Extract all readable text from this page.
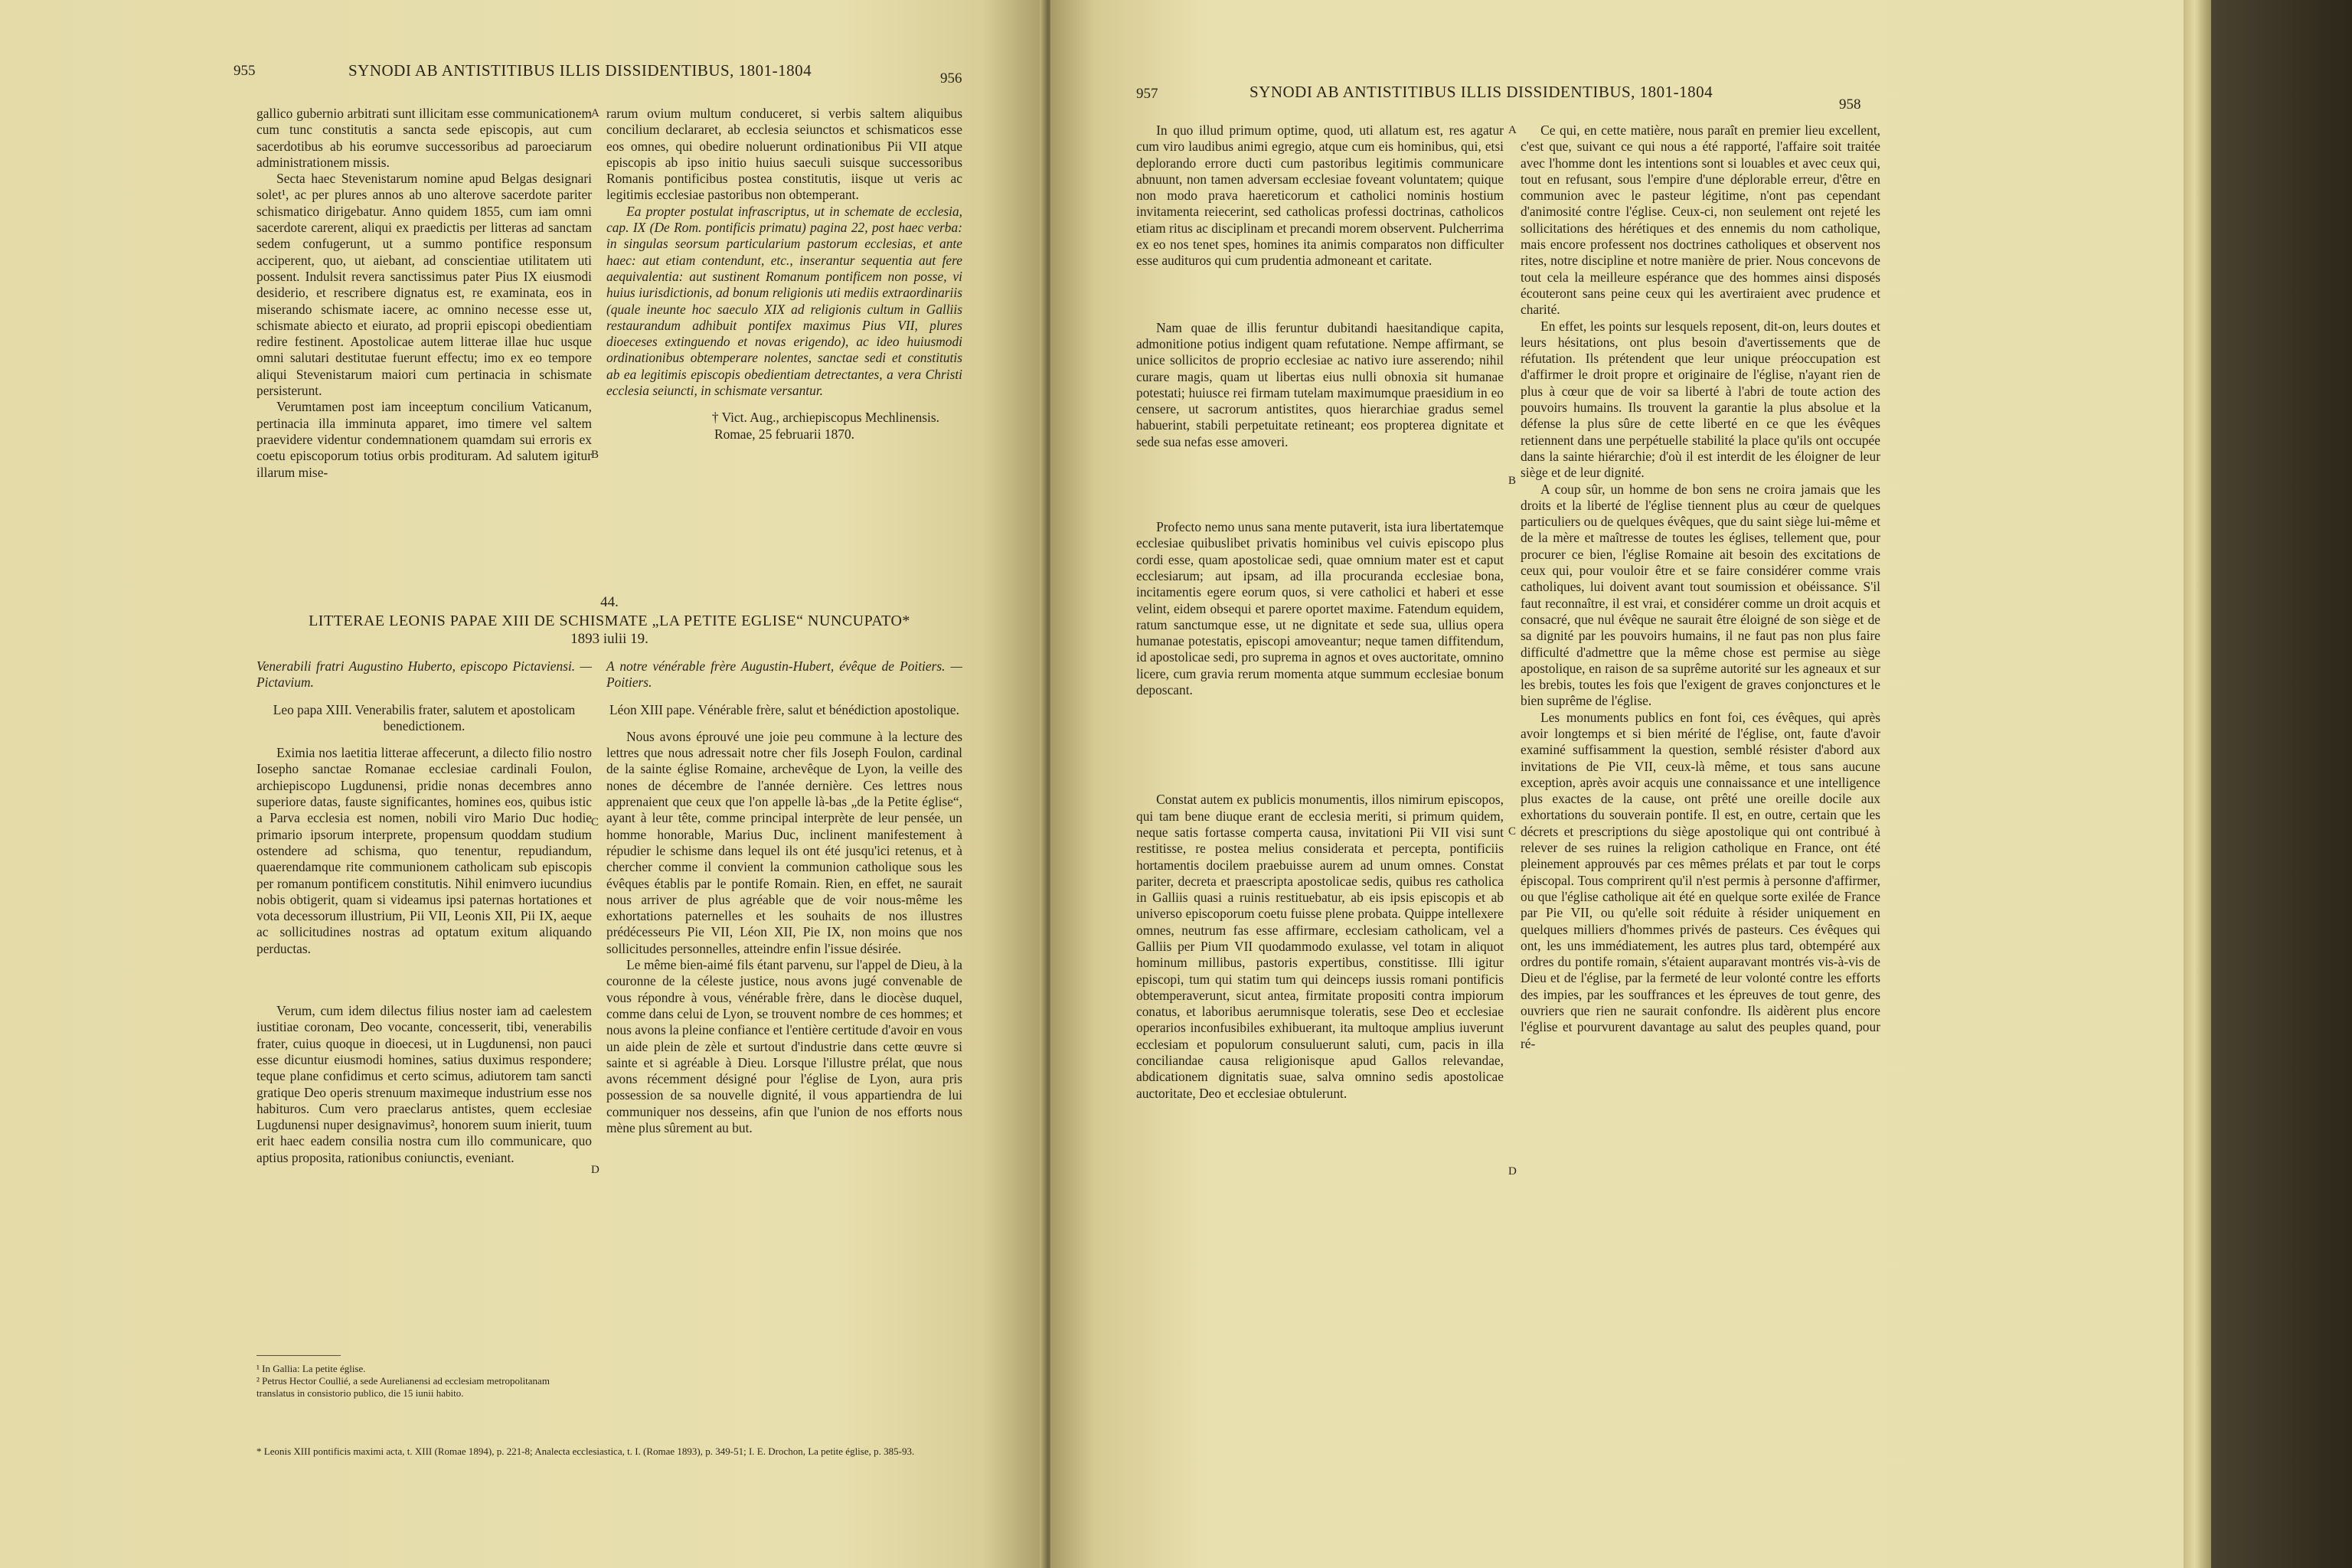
955	SYNODI AB ANTISTITIBUS ILLIS DISSIDENTIBUS, 1801-1804	956

gallico gubernio arbitrati sunt illicitam esse communicationem cum tunc constitutis a sancta sede episcopis, aut cum sacerdotibus ab his eorumve successoribus ad paroeciarum administrationem missis.

Secta haec Stevenistarum nomine apud Belgas designari solet¹, ac per plures annos ab uno alterove sacerdote pariter schismatico dirigebatur. Anno quidem 1855, cum iam omni sacerdote carerent, aliqui ex praedictis per litteras ad sanctam sedem confugerunt, ut a summo pontifice responsum acciperent, quo, ut aiebant, ad conscientiae utilitatem uti possent. Indulsit revera sanctissimus pater Pius IX eiusmodi desiderio, et rescribere dignatus est, re examinata, eos in miserando schismate iacere, ac omnino necesse esse ut, schismate abiecto et eiurato, ad proprii episcopi obedientiam redire festinent. Apostolicae autem litterae illae huc usque omni salutari destitutae fuerunt effectu; imo ex eo tempore aliqui Stevenistarum maiori cum pertinacia in schismate persisterunt.

Verumtamen post iam inceeptum concilium Vaticanum, pertinacia illa imminuta apparet, imo timere vel saltem praevidere videntur condemnationem quamdam sui erroris ex coetu episcoporum totius orbis prodituram. Ad salutem igitur illarum mise-

rarum ovium multum conduceret, si verbis saltem aliquibus concilium declararet, ab ecclesia seiunctos et schismaticos esse eos omnes, qui obedire noluerunt ordinationibus Pii VII atque episcopis ab ipso initio huius saeculi suisque successoribus Romanis pontificibus postea constitutis, iisque ut veris ac legitimis ecclesiae pastoribus non obtemperant.

Ea propter postulat infrascriptus, ut in schemate de ecclesia, cap. IX (De Rom. pontificis primatu) pagina 22, post haec verba: in singulas seorsum particularium pastorum ecclesias, et ante haec: aut etiam contendunt, etc., inserantur sequentia aut fere aequivalentia: aut sustinent Romanum pontificem non posse, vi huius iurisdictionis, ad bonum religionis uti mediis extraordinariis (quale ineunte hoc saeculo XIX ad religionis cultum in Galliis restaurandum adhibuit pontifex maximus Pius VII, plures dioeceses extinguendo et novas erigendo), ac ideo huiusmodi ordinationibus obtemperare nolentes, sanctae sedi et constitutis ab ea legitimis episcopis obedientiam detrectantes, a vera Christi ecclesia seiuncti, in schismate versantur.

† Vict. Aug., archiepiscopus Mechlinensis.

Romae, 25 februarii 1870.

A
B
C
D
44.
LITTERAE LEONIS PAPAE XIII DE SCHISMATE „LA PETITE EGLISE“ NUNCUPATO*
1893 iulii 19.

Venerabili fratri Augustino Huberto, episcopo Pictaviensi. — Pictavium.

Leo papa XIII. Venerabilis frater, salutem et apostolicam benedictionem.

Eximia nos laetitia litterae affecerunt, a dilecto filio nostro Iosepho sanctae Romanae ecclesiae cardinali Foulon, archiepiscopo Lugdunensi, pridie nonas decembres anno superiore datas, fauste significantes, homines eos, quibus istic a Parva ecclesia est nomen, nobili viro Mario Duc hodie primario ipsorum interprete, propensum quoddam studium ostendere ad schisma, quo tenentur, repudiandum, quaerendamque rite communionem catholicam sub episcopis per romanum pontificem constitutis. Nihil enimvero iucundius nobis obtigerit, quam si videamus ipsi paternas hortationes et vota decessorum illustrium, Pii VII, Leonis XII, Pii IX, aeque ac sollicitudines nostras ad optatum exitum aliquando perductas.

Verum, cum idem dilectus filius noster iam ad caelestem iustitiae coronam, Deo vocante, concesserit, tibi, venerabilis frater, cuius quoque in dioecesi, ut in Lugdunensi, non pauci esse dicuntur eiusmodi homines, satius duximus respondere; teque plane confidimus et certo scimus, adiutorem tam sancti gratique Deo operis strenuum maximeque industrium esse nos habituros. Cum vero praeclarus antistes, quem ecclesiae Lugdunensi nuper designavimus², honorem suum inierit, tuum erit haec eadem consilia nostra cum illo communicare, quo aptius proposita, rationibus coniunctis, eveniant.

A notre vénérable frère Augustin-Hubert, évêque de Poitiers. — Poitiers.

Léon XIII pape. Vénérable frère, salut et bénédiction apostolique.

Nous avons éprouvé une joie peu commune à la lecture des lettres que nous adressait notre cher fils Joseph Foulon, cardinal de la sainte église Romaine, archevêque de Lyon, la veille des nones de décembre de l'année dernière. Ces lettres nous apprenaient que ceux que l'on appelle là-bas „de la Petite église“, ayant à leur tête, comme principal interprète de leur pensée, un homme honorable, Marius Duc, inclinent manifestement à répudier le schisme dans lequel ils ont été jusqu'ici retenus, et à chercher comme il convient la communion catholique sous les évêques établis par le pontife Romain. Rien, en effet, ne saurait nous arriver de plus agréable que de voir nous-même les exhortations paternelles et les souhaits de nos illustres prédécesseurs Pie VII, Léon XII, Pie IX, non moins que nos sollicitudes personnelles, atteindre enfin l'issue désirée.

Le même bien-aimé fils étant parvenu, sur l'appel de Dieu, à la couronne de la céleste justice, nous avons jugé convenable de vous répondre à vous, vénérable frère, dans le diocèse duquel, comme dans celui de Lyon, se trouvent nombre de ces hommes; et nous avons la pleine confiance et l'entière certitude d'avoir en vous un aide plein de zèle et surtout d'industrie dans cette œuvre si sainte et si agréable à Dieu. Lorsque l'illustre prélat, que nous avons récemment désigné pour l'église de Lyon, aura pris possession de sa nouvelle dignité, il vous appartiendra de lui communiquer nos desseins, afin que l'union de nos efforts nous mène plus sûrement au but.

¹ In Gallia: La petite église.
² Petrus Hector Coullié, a sede Aurelianensi ad ecclesiam metropolitanam translatus in consistorio publico, die 15 iunii habito.
* Leonis XIII pontificis maximi acta, t. XIII (Romae 1894), p. 221-8; Analecta ecclesiastica, t. I. (Romae 1893), p. 349-51; I. E. Drochon, La petite église, p. 385-93.
957	SYNODI AB ANTISTITIBUS ILLIS DISSIDENTIBUS, 1801-1804
958

In quo illud primum optime, quod, uti allatum est, res agatur cum viro laudibus animi egregio, atque cum eis hominibus, qui, etsi deplorando errore ducti cum pastoribus legitimis communicare abnuunt, non tamen adversam ecclesiae foveant voluntatem; quique non modo prava haereticorum et catholici nominis hostium invitamenta reiecerint, sed catholicas professi doctrinas, catholicos etiam ritus ac disciplinam et precandi morem observent. Pulcherrima ex eo nos tenet spes, homines ita animis comparatos non difficulter esse audituros qui cum prudentia admoneant et caritate.

Nam quae de illis feruntur dubitandi haesitandique capita, admonitione potius indigent quam refutatione. Nempe affirmant, se unice sollicitos de proprio ecclesiae ac nativo iure asserendo; nihil curare magis, quam ut libertas eius nulli obnoxia sit humanae potestati; huiusce rei firmam tutelam maximumque praesidium in eo censere, ut sacrorum antistites, quos hierarchiae gradus semel habuerint, stabili perpetuitate retineant; eos propterea dignitate et sede sua nefas esse amoveri.

Profecto nemo unus sana mente putaverit, ista iura libertatemque ecclesiae quibuslibet privatis hominibus vel cuivis episcopo plus cordi esse, quam apostolicae sedi, quae omnium mater est et caput ecclesiarum; aut ipsam, ad illa procuranda ecclesiae bona, incitamentis egere eorum quos, si vere catholici et haberi et esse velint, eidem obsequi et parere oportet maxime. Fatendum equidem, ratum sanctumque esse, ut ne dignitate et sede sua, ullius opera humanae potestatis, episcopi amoveantur; neque tamen diffitendum, id apostolicae sedi, pro suprema in agnos et oves auctoritate, omnino licere, cum gravia rerum momenta atque summum ecclesiae bonum deposcant.

Constat autem ex publicis monumentis, illos nimirum episcopos, qui tam bene diuque erant de ecclesia meriti, si primum quidem, neque satis fortasse comperta causa, invitationi Pii VII visi sunt restitisse, re postea melius considerata et percepta, pontificiis hortamentis docilem praebuisse aurem ad unum omnes. Constat pariter, decreta et praescripta apostolicae sedis, quibus res catholica in Galliis quasi a ruinis restituebatur, ab eis ipsis episcopis et ab universo episcoporum coetu fuisse plene probata. Quippe intellexere omnes, neutrum fas esse affirmare, ecclesiam catholicam, vel a Galliis per Pium VII quodammodo exulasse, vel totam in aliquot hominum millibus, pastoris expertibus, constitisse. Illi igitur episcopi, tum qui statim tum qui deinceps iussis romani pontificis obtemperaverunt, sicut antea, firmitate propositi contra impiorum conatus, et laboribus aerumnisque toleratis, sese Deo et ecclesiae operarios inconfusibiles exhibuerant, ita multoque amplius iuverunt ecclesiam et populorum consuluerunt saluti, cum, pacis in illa conciliandae causa religionisque apud Gallos relevandae, abdicationem dignitatis suae, salva omnino sedis apostolicae auctoritate, Deo et ecclesiae obtulerunt.

Ce qui, en cette matière, nous paraît en premier lieu excellent, c'est que, suivant ce qui nous a été rapporté, l'affaire soit traitée avec l'homme dont les intentions sont si louables et avec ceux qui, tout en refusant, sous l'empire d'une déplorable erreur, d'être en communion avec le pasteur légitime, n'ont pas cependant d'animosité contre l'église. Ceux-ci, non seulement ont rejeté les sollicitations des hérétiques et des ennemis du nom catholique, mais encore professent nos doctrines catholiques et observent nos rites, notre discipline et notre manière de prier. Nous concevons de tout cela la meilleure espérance que des hommes ainsi disposés écouteront sans peine ceux qui les avertiraient avec prudence et charité.

En effet, les points sur lesquels reposent, dit-on, leurs doutes et leurs hésitations, ont plus besoin d'avertissements que de réfutation. Ils prétendent que leur unique préoccupation est d'affirmer le droit propre et originaire de l'église, n'ayant rien de plus à cœur que de voir sa liberté à l'abri de toute action des pouvoirs humains. Ils trouvent la garantie la plus absolue et la défense la plus sûre de cette liberté en ce que les évêques retiennent dans une perpétuelle stabilité la place qu'ils ont occupée dans la sainte hiérarchie; d'où il est interdit de les éloigner de leur siège et de leur dignité.

A coup sûr, un homme de bon sens ne croira jamais que les droits et la liberté de l'église tiennent plus au cœur de quelques particuliers ou de quelques évêques, que du saint siège lui-même et de la mère et maîtresse de toutes les églises, tellement que, pour procurer ce bien, l'église Romaine ait besoin des excitations de ceux qui, pour vouloir être et se faire considérer comme vrais catholiques, lui doivent avant tout soumission et obéissance. S'il faut reconnaître, il est vrai, et considérer comme un droit acquis et consacré, que nul évêque ne saurait être éloigné de son siège et de sa dignité par les pouvoirs humains, il ne faut pas non plus faire difficulté d'admettre que la même chose est permise au siège apostolique, en raison de sa suprême autorité sur les agneaux et sur les brebis, toutes les fois que l'exigent de graves conjonctures et le bien suprême de l'église.

Les monuments publics en font foi, ces évêques, qui après avoir longtemps et si bien mérité de l'église, ont, faute d'avoir examiné suffisamment la question, semblé résister d'abord aux invitations de Pie VII, ceux-là même, et tous sans aucune exception, après avoir acquis une connaissance et une intelligence plus exactes de la cause, ont prêté une oreille docile aux exhortations du souverain pontife. Il est, en outre, certain que les décrets et prescriptions du siège apostolique qui ont contribué à relever de ses ruines la religion catholique en France, ont été pleinement approuvés par ces mêmes prélats et par tout le corps épiscopal. Tous comprirent qu'il n'est permis à personne d'affirmer, ou que l'église catholique ait été en quelque sorte exilée de France par Pie VII, ou qu'elle soit réduite à résider uniquement en quelques milliers d'hommes privés de pasteurs. Ces évêques qui ont, les uns immédiatement, les autres plus tard, obtempéré aux ordres du pontife romain, s'étaient auparavant montrés vis-à-vis de Dieu et de l'église, par la fermeté de leur volonté contre les efforts des impies, par les souffrances et les épreuves de tout genre, des ouvriers que rien ne saurait confondre. Ils aidèrent plus encore l'église et pourvurent davantage au salut des peuples quand, pour ré-

A
B
C
D
